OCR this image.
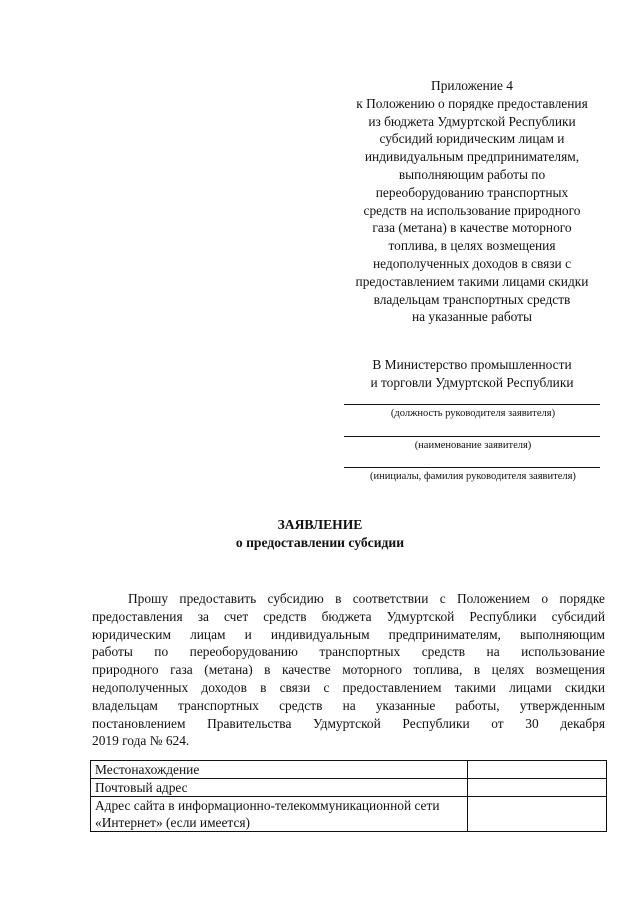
Приложение 4
к Положению о порядке предоставления
из бюджета Удмуртской Республики
субсидий юридическим лицам и
индивидуальным предпринимателям,
выполняющим работы по
переоборудованию транспортных
средств на использование природного
газа (метана) в качестве моторного
топлива, в целях возмещения
недополученных доходов в связи с
предоставлением такими лицами скидки
владельцам транспортных средств
на указанные работы
В Министерство промышленности
и торговли Удмуртской Республики
(должность руководителя заявителя)
(наименование заявителя)
(инициалы, фамилия руководителя заявителя)
ЗАЯВЛЕНИЕ
о предоставлении субсидии
Прошу предоставить субсидию в соответствии с Положением о порядке
предоставления за счет средств бюджета Удмуртской Республики субсидий
юридическим лицам и индивидуальным предпринимателям, выполняющим
работы по переоборудованию транспортных средств на использование
природного газа (метана) в качестве моторного топлива, в целях возмещения
недополученных доходов в связи с предоставлением такими лицами скидки
владельцам транспортных средств на указанные работы, утвержденным
постановлением Правительства Удмуртской Республики от 30 декабря
2019 года № 624.
Местонахождение	
Почтовый адрес	
Адрес сайта в информационно-телекоммуникационной сети «Интернет» (если имеется)	
